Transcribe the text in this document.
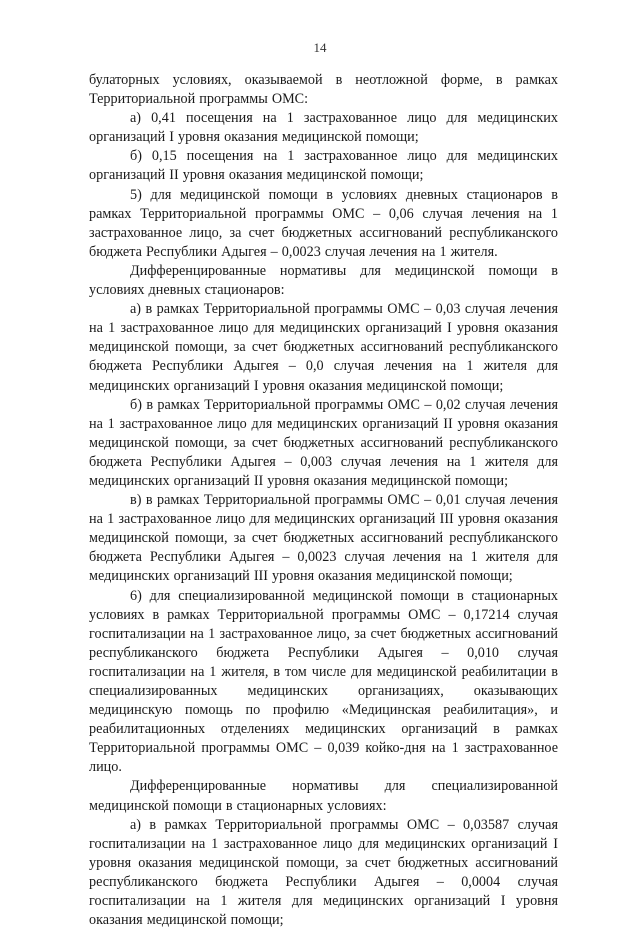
14

булаторных условиях, оказываемой в неотложной форме, в рамках Территориальной программы ОМС:

а) 0,41 посещения на 1 застрахованное лицо для медицинских организаций I уровня оказания медицинской помощи;

б) 0,15 посещения на 1 застрахованное лицо для медицинских организаций II уровня оказания медицинской помощи;

5) для медицинской помощи в условиях дневных стационаров в рамках Территориальной программы ОМС – 0,06 случая лечения на 1 застрахованное лицо, за счет бюджетных ассигнований республиканского бюджета Республики Адыгея – 0,0023 случая лечения на 1 жителя.

Дифференцированные нормативы для медицинской помощи в условиях дневных стационаров:

а) в рамках Территориальной программы ОМС – 0,03 случая лечения на 1 застрахованное лицо для медицинских организаций I уровня оказания медицинской помощи, за счет бюджетных ассигнований республиканского бюджета Республики Адыгея – 0,0 случая лечения на 1 жителя для медицинских организаций I уровня оказания медицинской помощи;

б) в рамках Территориальной программы ОМС – 0,02 случая лечения на 1 застрахованное лицо для медицинских организаций II уровня оказания медицинской помощи, за счет бюджетных ассигнований республиканского бюджета Республики Адыгея – 0,003 случая лечения на 1 жителя для медицинских организаций II уровня оказания медицинской помощи;

в) в рамках Территориальной программы ОМС – 0,01 случая лечения на 1 застрахованное лицо для медицинских организаций III уровня оказания медицинской помощи, за счет бюджетных ассигнований республиканского бюджета Республики Адыгея – 0,0023 случая лечения на 1 жителя для медицинских организаций III уровня оказания медицинской помощи;

6) для специализированной медицинской помощи в стационарных условиях в рамках Территориальной программы ОМС – 0,17214 случая госпитализации на 1 застрахованное лицо, за счет бюджетных ассигнований республиканского бюджета Республики Адыгея – 0,010 случая госпитализации на 1 жителя, в том числе для медицинской реабилитации в специализированных медицинских организациях, оказывающих медицинскую помощь по профилю «Медицинская реабилитация», и реабилитационных отделениях медицинских организаций в рамках Территориальной программы ОМС – 0,039 койко-дня на 1 застрахованное лицо.

Дифференцированные нормативы для специализированной медицинской помощи в стационарных условиях:

а) в рамках Территориальной программы ОМС – 0,03587 случая госпитализации на 1 застрахованное лицо для медицинских организаций I уровня оказания медицинской помощи, за счет бюджетных ассигнований республиканского бюджета Республики Адыгея – 0,0004 случая госпитализации на 1 жителя для медицинских организаций I уровня оказания медицинской помощи;
